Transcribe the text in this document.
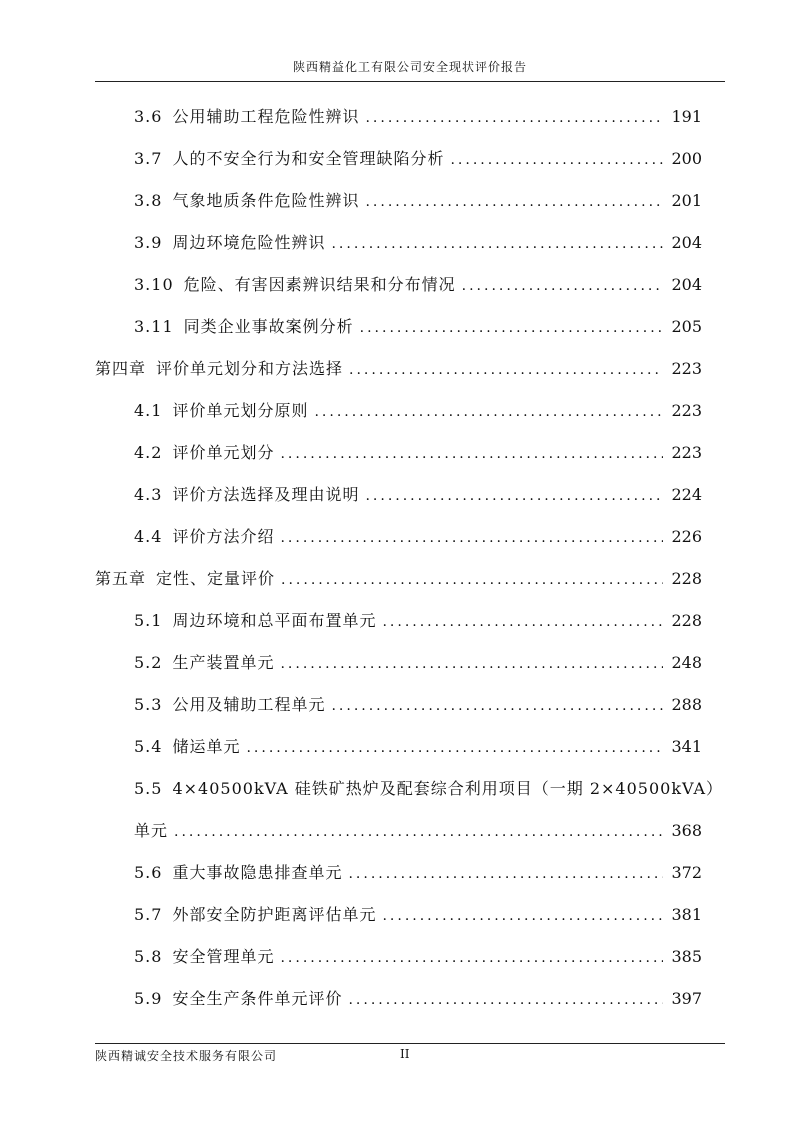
陕西精益化工有限公司安全现状评价报告
3.6 公用辅助工程危险性辨识 .....	191
3.7 人的不安全行为和安全管理缺陷分析 .....	200
3.8 气象地质条件危险性辨识 .....	201
3.9 周边环境危险性辨识 .....	204
3.10 危险、有害因素辨识结果和分布情况 .....	204
3.11 同类企业事故案例分析 .....	205
第四章 评价单元划分和方法选择 .....	223
4.1 评价单元划分原则 .....	223
4.2 评价单元划分 .....	223
4.3 评价方法选择及理由说明 .....	224
4.4 评价方法介绍 .....	226
第五章 定性、定量评价 .....	228
5.1 周边环境和总平面布置单元 .....	228
5.2 生产装置单元 .....	248
5.3 公用及辅助工程单元 .....	288
5.4 储运单元 .....	341
5.5 4×40500kVA 硅铁矿热炉及配套综合利用项目（一期 2×40500kVA）
单元 .....	368
5.6 重大事故隐患排查单元 .....	372
5.7 外部安全防护距离评估单元 .....	381
5.8 安全管理单元 .....	385
5.9 安全生产条件单元评价 .....	397
陕西精诚安全技术服务有限公司	II
